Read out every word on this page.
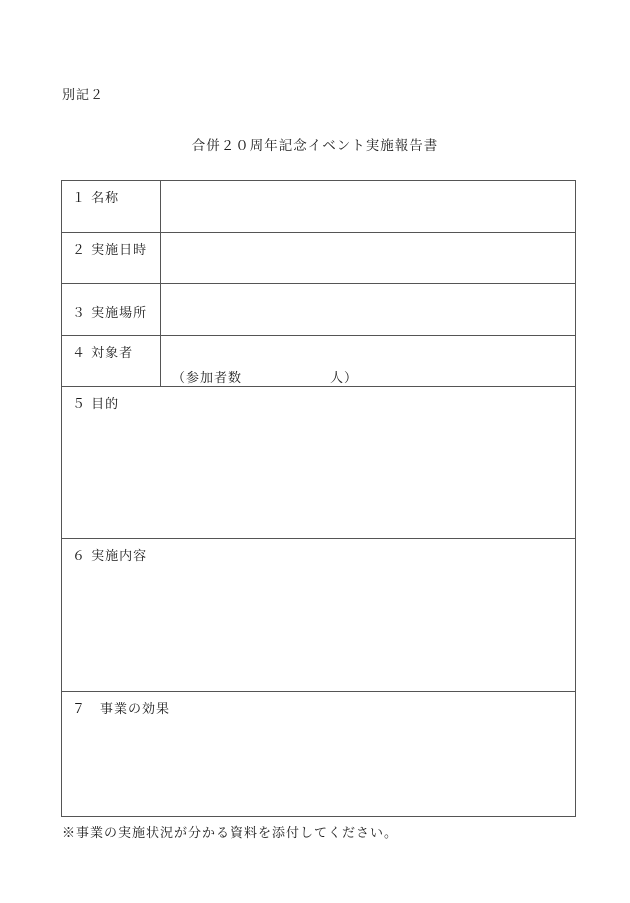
別記２
合併２０周年記念イベント実施報告書
１ 名称
２ 実施日時
３ 実施場所
４ 対象者
（参加者数	人）
５ 目的
６ 実施内容
７　事業の効果
※事業の実施状況が分かる資料を添付してください。
